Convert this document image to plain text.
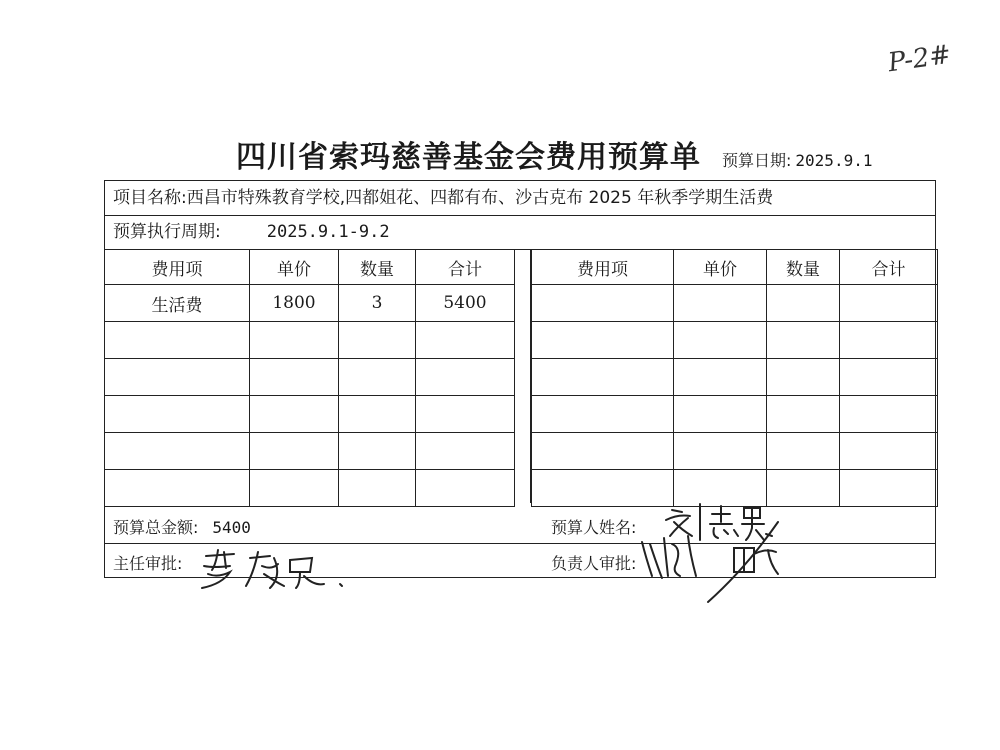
P-2#
四川省索玛慈善基金会费用预算单 预算日期: 2025.9.1
项目名称:西昌市特殊教育学校,四都姐花、四都有布、沙古克布 2025 年秋季学期生活费
预算执行周期:	2025.9.1-9.2
费用项	单价	数量	合计
生活费	1800	3	5400

费用项	单价	数量	合计

预算总金额: 5400	预算人姓名:
主任审批:	负责人审批:
